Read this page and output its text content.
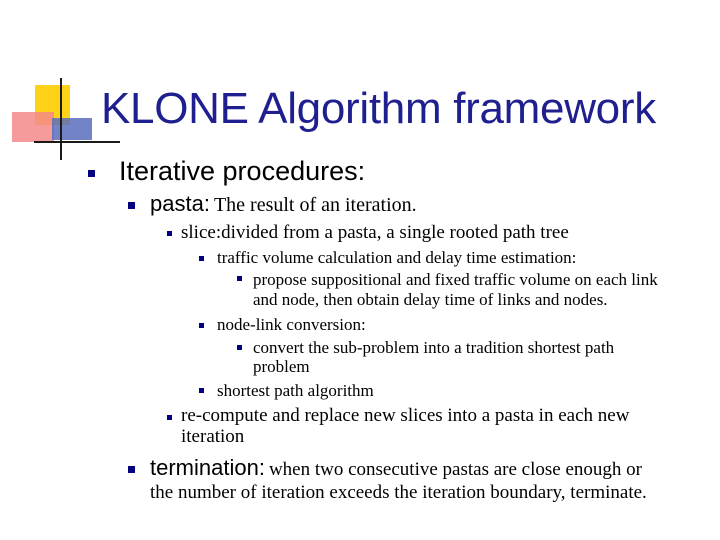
KLONE Algorithm framework
Iterative procedures:
pasta: The result of an iteration.
slice:divided from a pasta, a single rooted path tree
traffic volume calculation and delay time estimation:
propose suppositional and fixed traffic volume on each link
and node, then obtain delay time of links and nodes.
node-link conversion:
convert the sub-problem into a tradition shortest path
problem
shortest path algorithm
re-compute and replace new slices into a pasta in each new
iteration
termination: when two consecutive pastas are close enough or
the number of iteration exceeds the iteration boundary, terminate.
